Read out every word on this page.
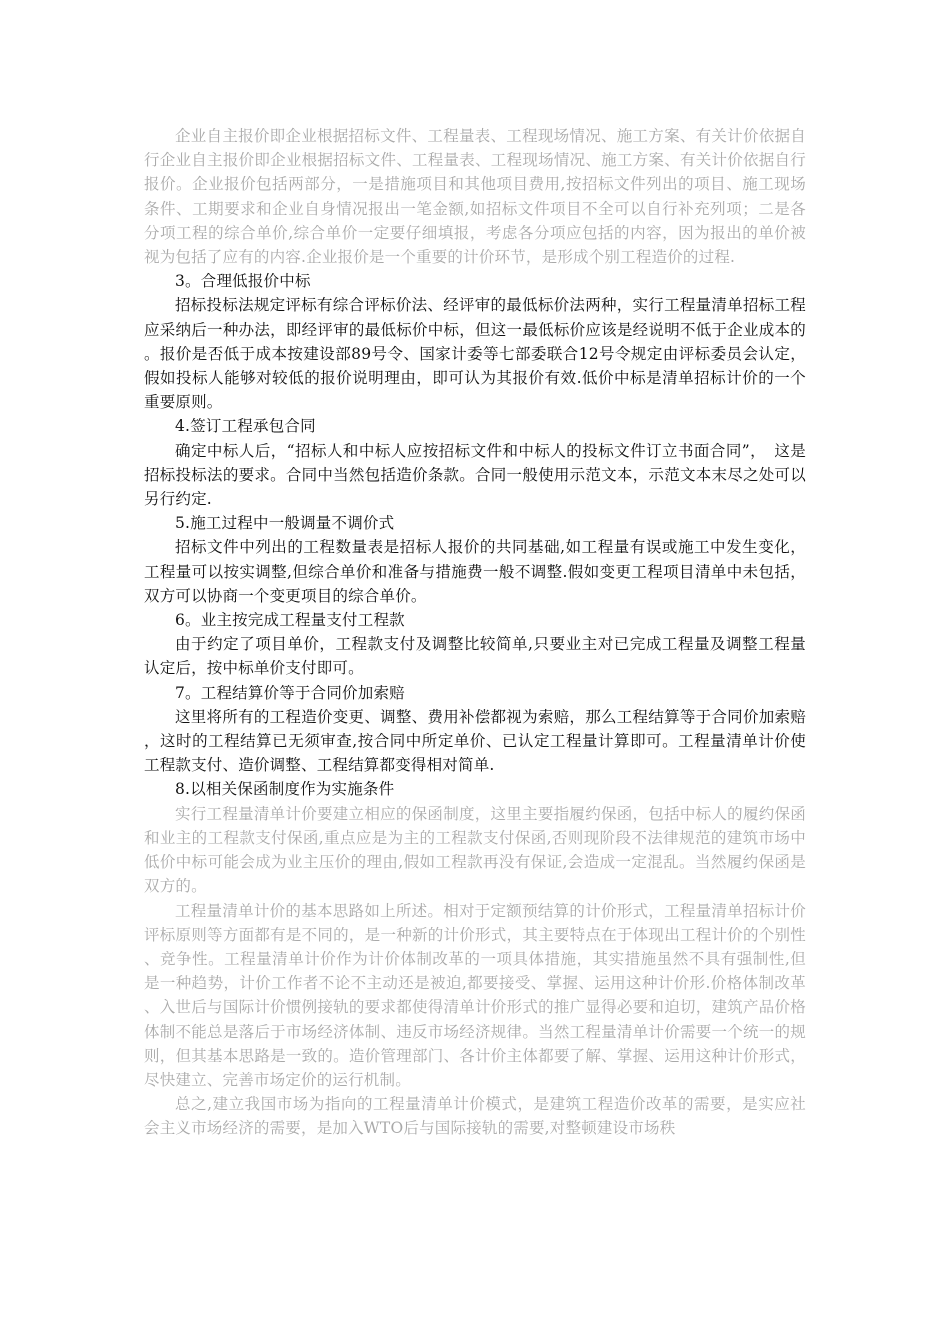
企业自主报价即企业根据招标文件、工程量表、工程现场情况、施工方案、有关计价依据自行企业自主报价即企业根据招标文件、工程量表、工程现场情况、施工方案、有关计价依据自行报价。企业报价包括两部分，一是措施项目和其他项目费用,按招标文件列出的项目、施工现场条件、工期要求和企业自身情况报出一笔金额,如招标文件项目不全可以自行补充列项；二是各分项工程的综合单价,综合单价一定要仔细填报，考虑各分项应包括的内容，因为报出的单价被视为包括了应有的内容.企业报价是一个重要的计价环节，是形成个别工程造价的过程.

3。合理低报价中标

招标投标法规定评标有综合评标价法、经评审的最低标价法两种，实行工程量清单招标工程应采纳后一种办法，即经评审的最低标价中标，但这一最低标价应该是经说明不低于企业成本的。报价是否低于成本按建设部89号令、国家计委等七部委联合12号令规定由评标委员会认定，假如投标人能够对较低的报价说明理由，即可认为其报价有效.低价中标是清单招标计价的一个重要原则。

4.签订工程承包合同

确定中标人后，“招标人和中标人应按招标文件和中标人的投标文件订立书面合同”，　这是招标投标法的要求。合同中当然包括造价条款。合同一般使用示范文本，示范文本末尽之处可以另行约定.

5.施工过程中一般调量不调价式

招标文件中列出的工程数量表是招标人报价的共同基础,如工程量有误或施工中发生变化，工程量可以按实调整,但综合单价和准备与措施费一般不调整.假如变更工程项目清单中未包括，双方可以协商一个变更项目的综合单价。

6。业主按完成工程量支付工程款

由于约定了项目单价，工程款支付及调整比较简单,只要业主对已完成工程量及调整工程量认定后，按中标单价支付即可。

7。工程结算价等于合同价加索赔

这里将所有的工程造价变更、调整、费用补偿都视为索赔，那么工程结算等于合同价加索赔，这时的工程结算已无须审查,按合同中所定单价、已认定工程量计算即可。工程量清单计价使工程款支付、造价调整、工程结算都变得相对简单.

8.以相关保函制度作为实施条件

实行工程量清单计价要建立相应的保函制度，这里主要指履约保函，包括中标人的履约保函和业主的工程款支付保函,重点应是为主的工程款支付保函,否则现阶段不法律规范的建筑市场中低价中标可能会成为业主压价的理由,假如工程款再没有保证,会造成一定混乱。当然履约保函是双方的。

工程量清单计价的基本思路如上所述。相对于定额预结算的计价形式，工程量清单招标计价评标原则等方面都有是不同的，是一种新的计价形式，其主要特点在于体现出工程计价的个别性、竞争性。工程量清单计价作为计价体制改革的一项具体措施，其实措施虽然不具有强制性,但是一种趋势，计价工作者不论不主动还是被迫,都要接受、掌握、运用这种计价形.价格体制改革、入世后与国际计价惯例接轨的要求都使得清单计价形式的推广显得必要和迫切，建筑产品价格体制不能总是落后于市场经济体制、违反市场经济规律。当然工程量清单计价需要一个统一的规则，但其基本思路是一致的。造价管理部门、各计价主体都要了解、掌握、运用这种计价形式，尽快建立、完善市场定价的运行机制。

总之,建立我国市场为指向的工程量清单计价模式，是建筑工程造价改革的需要，是实应社会主义市场经济的需要，是加入WTO后与国际接轨的需要,对整顿建设市场秩
